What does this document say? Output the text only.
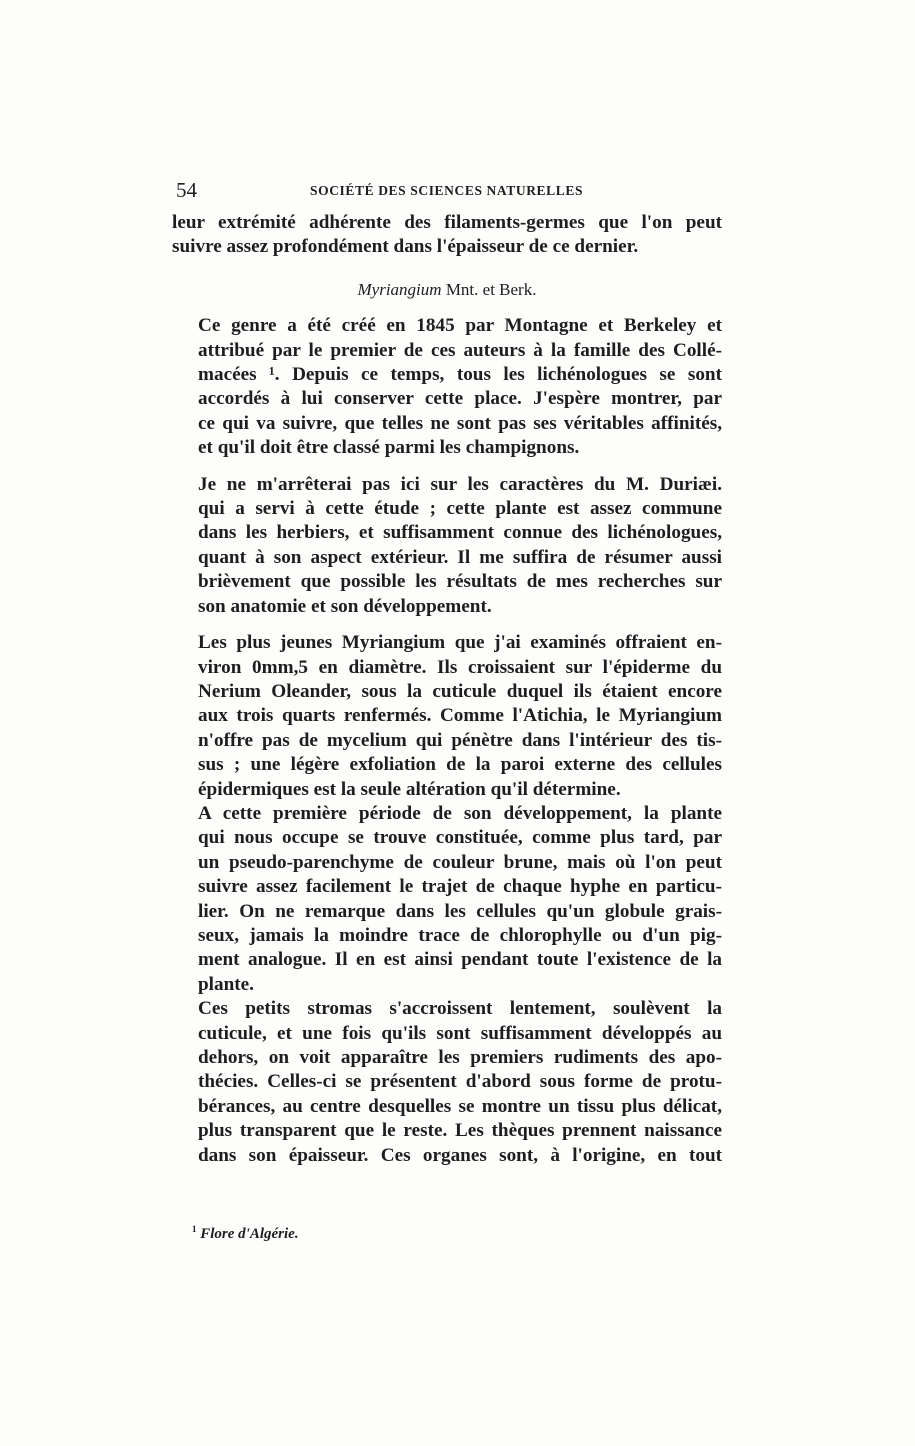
54	SOCIÉTÉ DES SCIENCES NATURELLES

leur extrémité adhérente des filaments-germes que l'on peut
suivre assez profondément dans l'épaisseur de ce dernier.

Myriangium Mnt. et Berk.

Ce genre a été créé en 1845 par Montagne et Berkeley et
attribué par le premier de ces auteurs à la famille des Collé-
macées ¹. Depuis ce temps, tous les lichénologues se sont
accordés à lui conserver cette place. J'espère montrer, par
ce qui va suivre, que telles ne sont pas ses véritables affinités,
et qu'il doit être classé parmi les champignons.

Je ne m'arrêterai pas ici sur les caractères du M. Duriæi.
qui a servi à cette étude ; cette plante est assez commune
dans les herbiers, et suffisamment connue des lichénologues,
quant à son aspect extérieur. Il me suffira de résumer aussi
brièvement que possible les résultats de mes recherches sur
son anatomie et son développement.

Les plus jeunes Myriangium que j'ai examinés offraient en-
viron 0mm,5 en diamètre. Ils croissaient sur l'épiderme du
Nerium Oleander, sous la cuticule duquel ils étaient encore
aux trois quarts renfermés. Comme l'Atichia, le Myriangium
n'offre pas de mycelium qui pénètre dans l'intérieur des tis-
sus ; une légère exfoliation de la paroi externe des cellules
épidermiques est la seule altération qu'il détermine.

A cette première période de son développement, la plante
qui nous occupe se trouve constituée, comme plus tard, par
un pseudo-parenchyme de couleur brune, mais où l'on peut
suivre assez facilement le trajet de chaque hyphe en particu-
lier. On ne remarque dans les cellules qu'un globule grais-
seux, jamais la moindre trace de chlorophylle ou d'un pig-
ment analogue. Il en est ainsi pendant toute l'existence de la
plante.

Ces petits stromas s'accroissent lentement, soulèvent la
cuticule, et une fois qu'ils sont suffisamment développés au
dehors, on voit apparaître les premiers rudiments des apo-
thécies. Celles-ci se présentent d'abord sous forme de protu-
bérances, au centre desquelles se montre un tissu plus délicat,
plus transparent que le reste. Les thèques prennent naissance
dans son épaisseur. Ces organes sont, à l'origine, en tout

$^1$ Flore d'Algérie.
